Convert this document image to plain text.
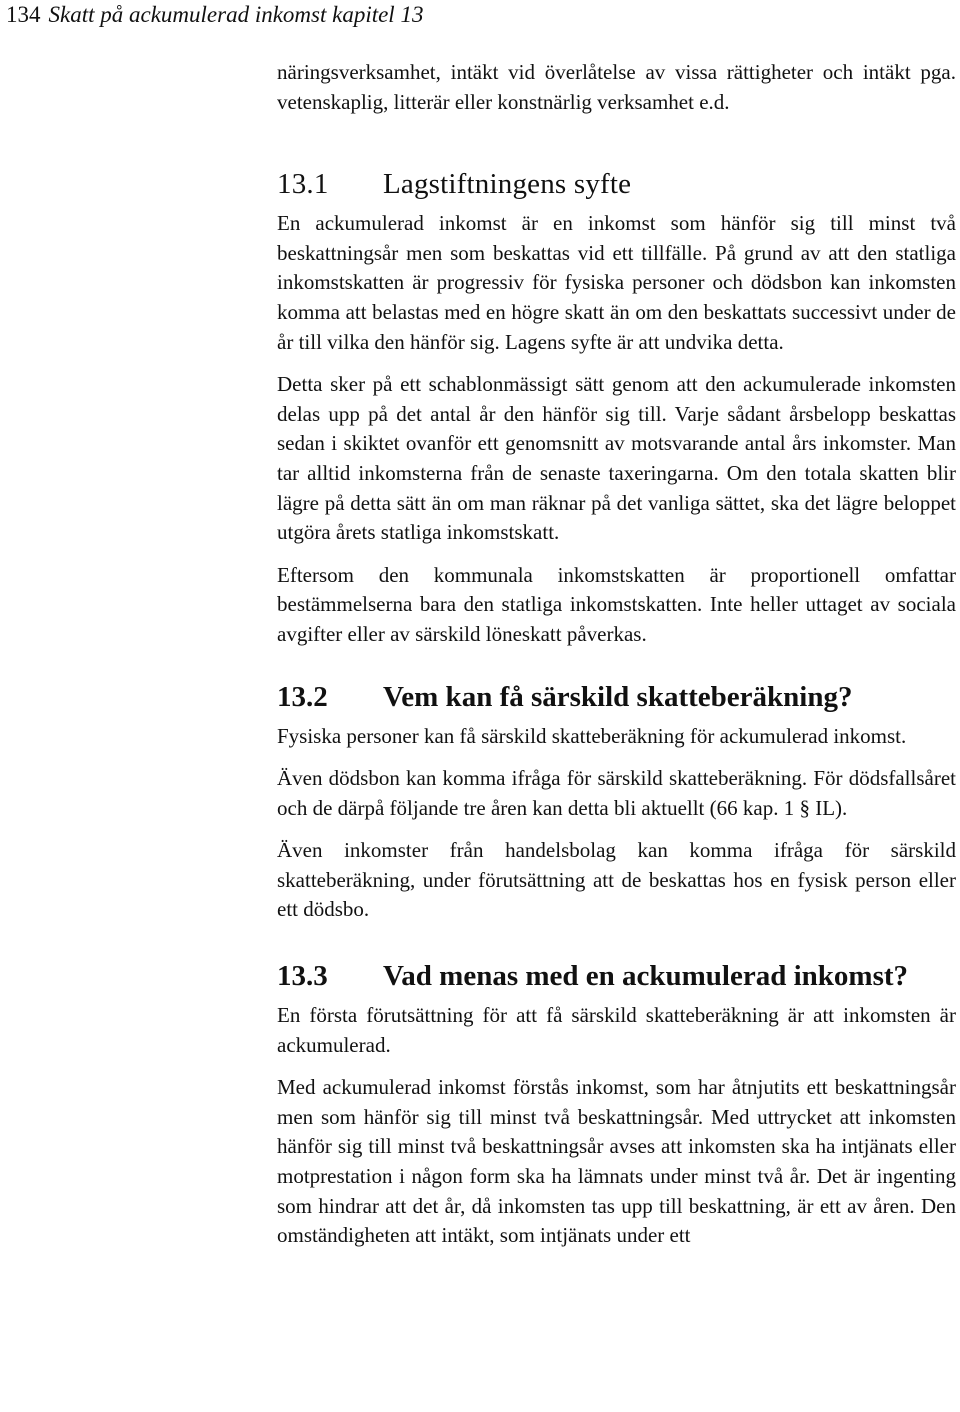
134 Skatt på ackumulerad inkomst kapitel 13

näringsverksamhet, intäkt vid överlåtelse av vissa rättigheter och intäkt pga. vetenskaplig, litterär eller konstnärlig verksamhet e.d.

13.1	Lagstiftningens syfte

En ackumulerad inkomst är en inkomst som hänför sig till minst två beskattningsår men som beskattas vid ett tillfälle. På grund av att den statliga inkomstskatten är progressiv för fysiska personer och dödsbon kan inkomsten komma att belastas med en högre skatt än om den beskattats successivt under de år till vilka den hänför sig. Lagens syfte är att undvika detta.

Detta sker på ett schablonmässigt sätt genom att den ackumulerade inkomsten delas upp på det antal år den hänför sig till. Varje sådant årsbelopp beskattas sedan i skiktet ovanför ett genomsnitt av motsvarande antal års inkomster. Man tar alltid inkomsterna från de senaste taxeringarna. Om den totala skatten blir lägre på detta sätt än om man räknar på det vanliga sättet, ska det lägre beloppet utgöra årets statliga inkomstskatt.

Eftersom den kommunala inkomstskatten är proportionell omfattar bestämmelserna bara den statliga inkomstskatten. Inte heller uttaget av sociala avgifter eller av särskild löneskatt påverkas.

13.2	Vem kan få särskild skatteberäkning?

Fysiska personer kan få särskild skatteberäkning för ackumulerad inkomst.

Även dödsbon kan komma ifråga för särskild skatteberäkning. För dödsfallsåret och de därpå följande tre åren kan detta bli aktuellt (66 kap. 1 § IL).

Även inkomster från handelsbolag kan komma ifråga för särskild skatteberäkning, under förutsättning att de beskattas hos en fysisk person eller ett dödsbo.

13.3	Vad menas med en ackumulerad inkomst?

En första förutsättning för att få särskild skatteberäkning är att inkomsten är ackumulerad.

Med ackumulerad inkomst förstås inkomst, som har åtnjutits ett beskattningsår men som hänför sig till minst två beskattningsår. Med uttrycket att inkomsten hänför sig till minst två beskattningsår avses att inkomsten ska ha intjänats eller motprestation i någon form ska ha lämnats under minst två år. Det är ingenting som hindrar att det år, då inkomsten tas upp till beskattning, är ett av åren. Den omständigheten att intäkt, som intjänats under ett
